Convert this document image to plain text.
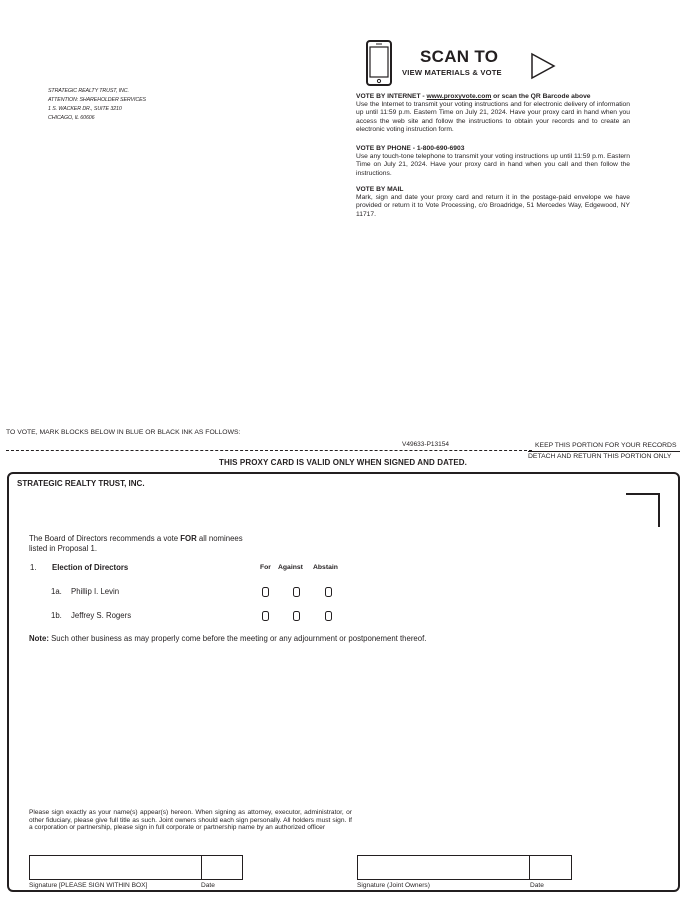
STRATEGIC REALTY TRUST, INC.
ATTENTION: SHAREHOLDER SERVICES
1 S. WACKER DR., SUITE 3210
CHICAGO, IL 60606
SCAN TO
VIEW MATERIALS & VOTE
VOTE BY INTERNET - www.proxyvote.com or scan the QR Barcode above
Use the Internet to transmit your voting instructions and for electronic delivery of information up until 11:59 p.m. Eastern Time on July 21, 2024. Have your proxy card in hand when you access the web site and follow the instructions to obtain your records and to create an electronic voting instruction form.
VOTE BY PHONE - 1-800-690-6903
Use any touch-tone telephone to transmit your voting instructions up until 11:59 p.m. Eastern Time on July 21, 2024. Have your proxy card in hand when you call and then follow the instructions.
VOTE BY MAIL
Mark, sign and date your proxy card and return it in the postage-paid envelope we have provided or return it to Vote Processing, c/o Broadridge, 51 Mercedes Way, Edgewood, NY 11717.
TO VOTE, MARK BLOCKS BELOW IN BLUE OR BLACK INK AS FOLLOWS:
V49633-P13154	KEEP THIS PORTION FOR YOUR RECORDS
DETACH AND RETURN THIS PORTION ONLY
THIS PROXY CARD IS VALID ONLY WHEN SIGNED AND DATED.
STRATEGIC REALTY TRUST, INC.
The Board of Directors recommends a vote FOR all nominees listed in Proposal 1.
1. Election of Directors	For Against Abstain
1a. Phillip I. Levin
1b. Jeffrey S. Rogers
Note: Such other business as may properly come before the meeting or any adjournment or postponement thereof.
Please sign exactly as your name(s) appear(s) hereon. When signing as attorney, executor, administrator, or other fiduciary, please give full title as such. Joint owners should each sign personally. All holders must sign. If a corporation or partnership, please sign in full corporate or partnership name by an authorized officer
Signature [PLEASE SIGN WITHIN BOX]	Date	Signature (Joint Owners)	Date
